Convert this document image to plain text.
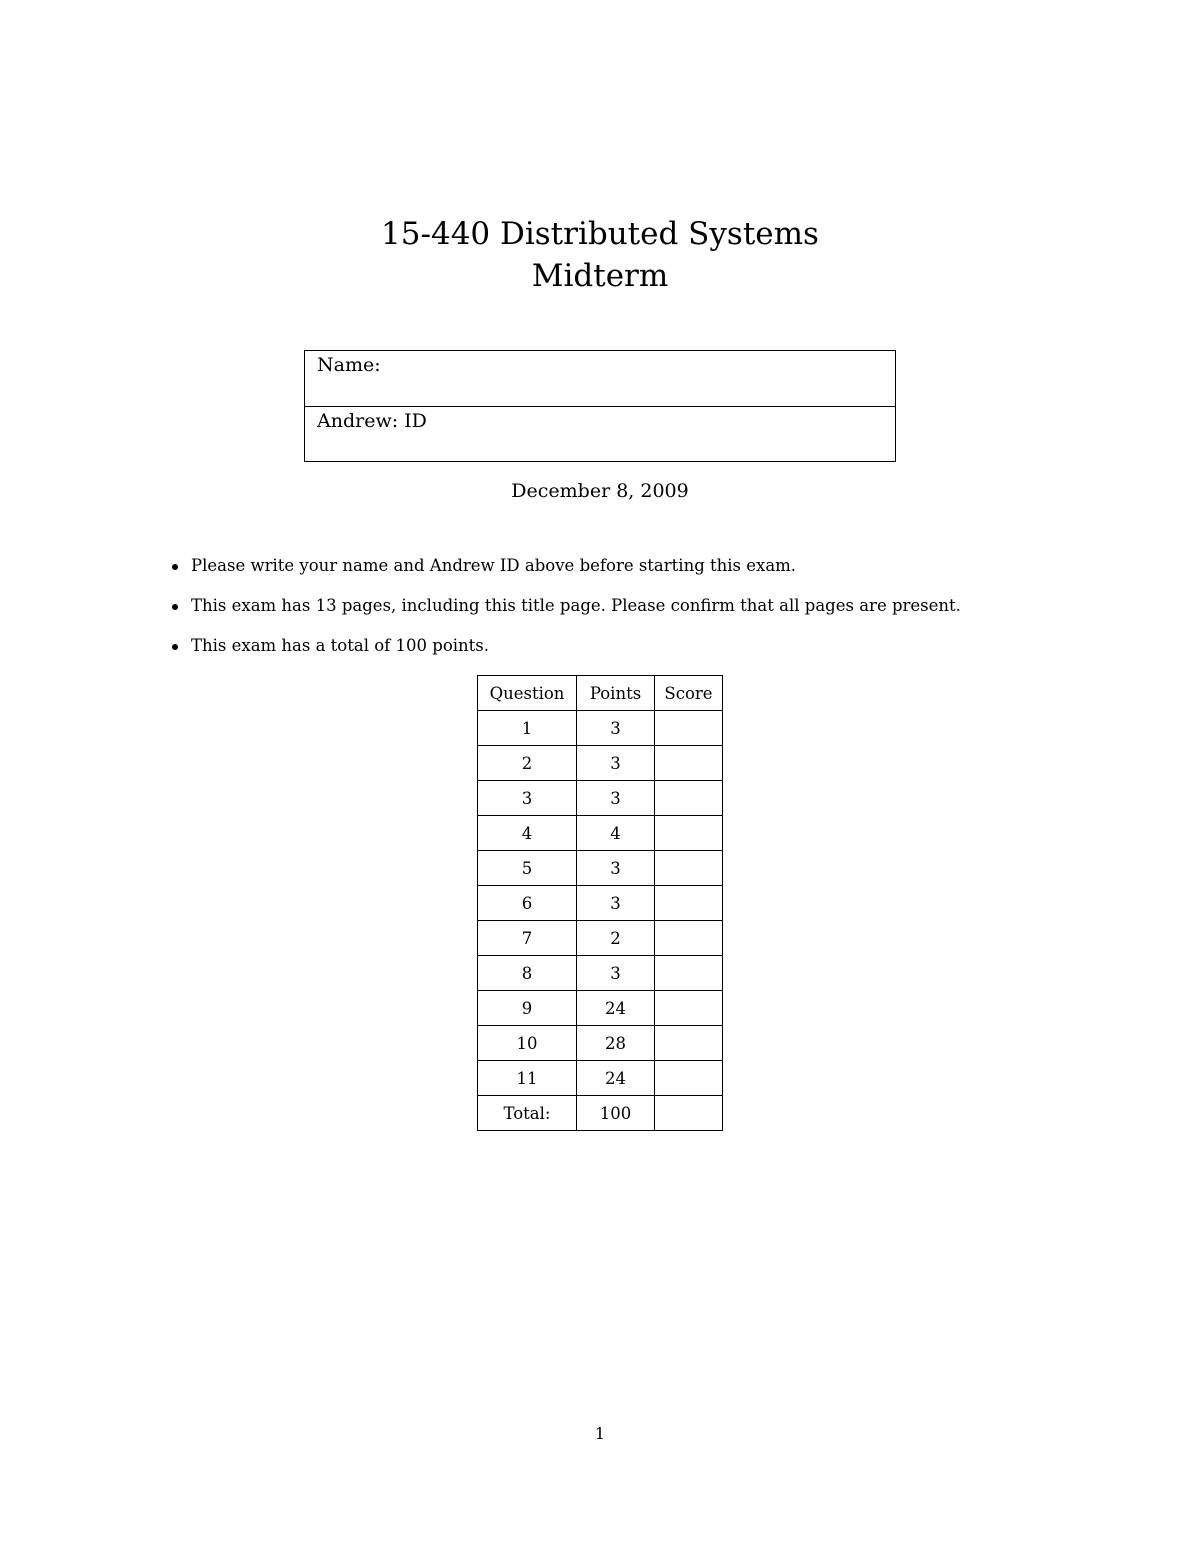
15-440 Distributed Systems
Midterm
Name:
Andrew: ID
December 8, 2009
Please write your name and Andrew ID above before starting this exam.
This exam has 13 pages, including this title page. Please confirm that all pages are present.
This exam has a total of 100 points.
Question	Points	Score
1	3	
2	3	
3	3	
4	4	
5	3	
6	3	
7	2	
8	3	
9	24	
10	28	
11	24	
Total:	100	
1
